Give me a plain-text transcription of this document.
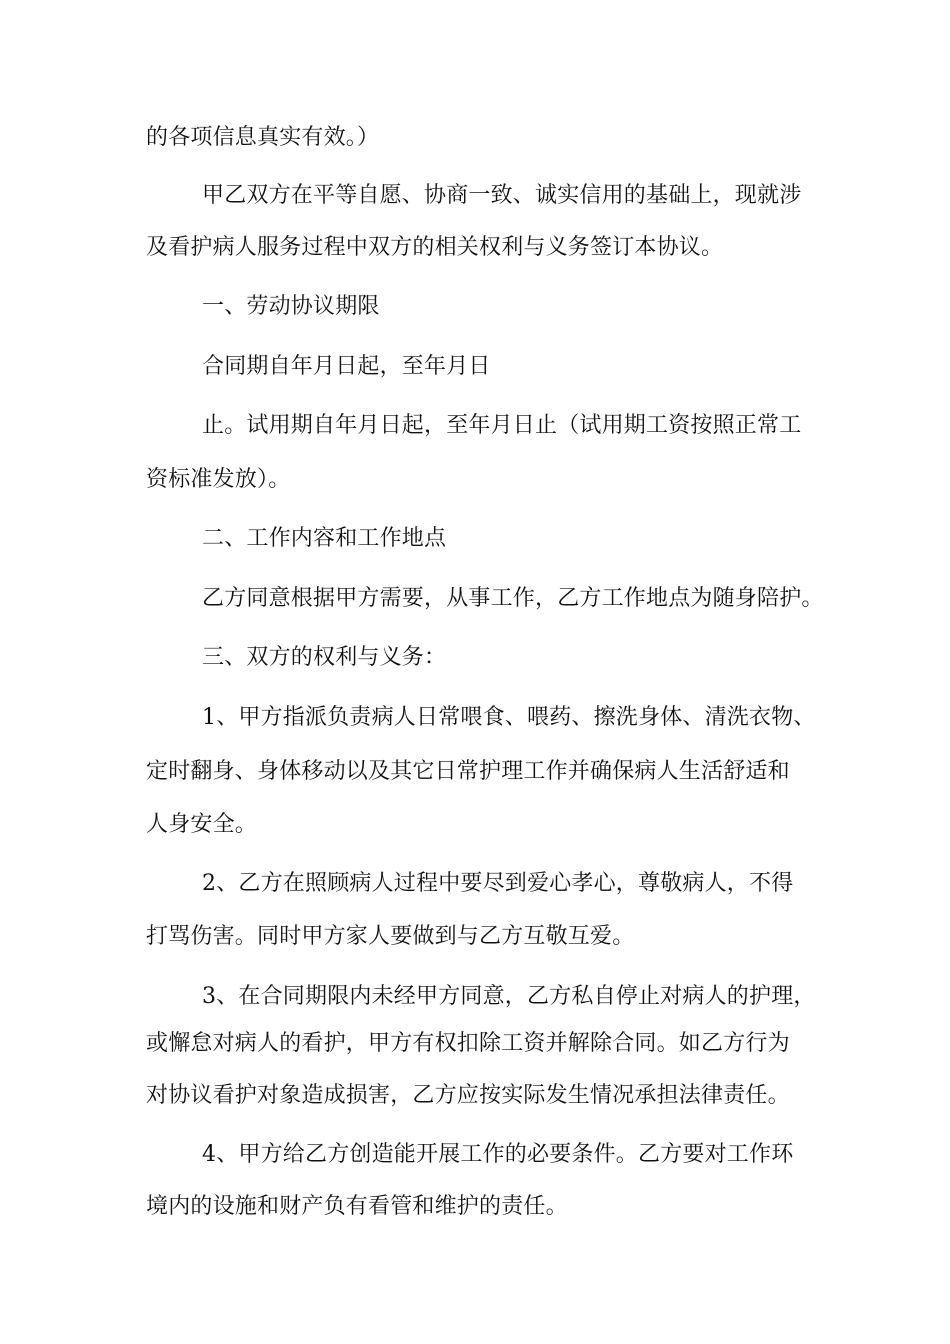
的各项信息真实有效。）
甲乙双方在平等自愿、协商一致、诚实信用的基础上，现就涉
及看护病人服务过程中双方的相关权利与义务签订本协议。
一、劳动协议期限
合同期自年月日起，至年月日
止。试用期自年月日起，至年月日止（试用期工资按照正常工
资标准发放）。
二、工作内容和工作地点
乙方同意根据甲方需要，从事工作，乙方工作地点为随身陪护。
三、双方的权利与义务：
1、甲方指派负责病人日常喂食、喂药、擦洗身体、清洗衣物、
定时翻身、身体移动以及其它日常护理工作并确保病人生活舒适和
人身安全。
2、乙方在照顾病人过程中要尽到爱心孝心，尊敬病人，不得
打骂伤害。同时甲方家人要做到与乙方互敬互爱。
3、在合同期限内未经甲方同意，乙方私自停止对病人的护理，
或懈怠对病人的看护，甲方有权扣除工资并解除合同。如乙方行为
对协议看护对象造成损害，乙方应按实际发生情况承担法律责任。
4、甲方给乙方创造能开展工作的必要条件。乙方要对工作环
境内的设施和财产负有看管和维护的责任。
